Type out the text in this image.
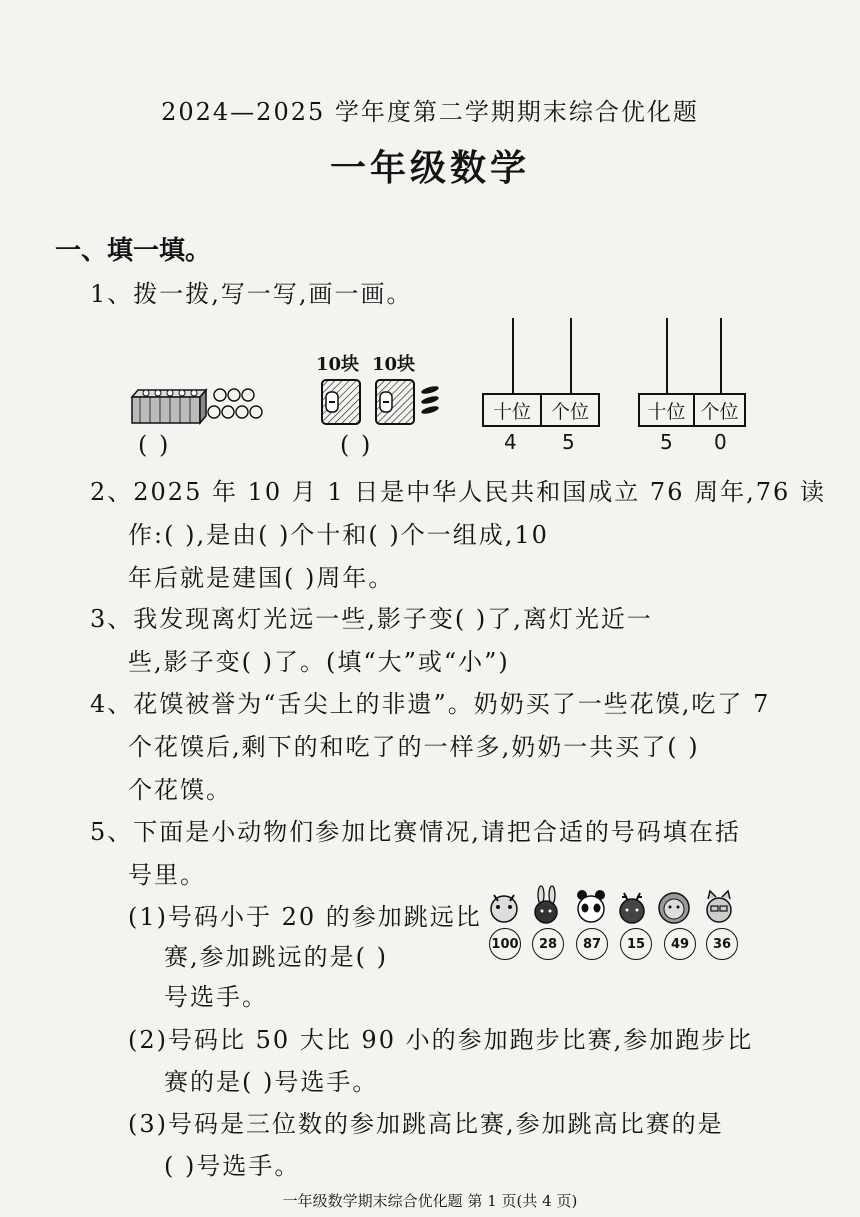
2024—2025 学年度第二学期期末综合优化题
一年级数学
一、填一填。
1、拨一拨,写一写,画一画。
( )
10块 10块
( )
十位	个位
4 5
十位 个位
5 0
2、2025 年 10 月 1 日是中华人民共和国成立 76 周年,76 读
作:( ),是由( )个十和( )个一组成,10
年后就是建国( )周年。
3、我发现离灯光远一些,影子变( )了,离灯光近一
些,影子变( )了。(填“大”或“小”)
4、花馍被誉为“舌尖上的非遗”。奶奶买了一些花馍,吃了 7
个花馍后,剩下的和吃了的一样多,奶奶一共买了( )
个花馍。
5、下面是小动物们参加比赛情况,请把合适的号码填在括
号里。
(1)号码小于 20 的参加跳远比
赛,参加跳远的是( )
号选手。
100	28	87	15	49	36
(2)号码比 50 大比 90 小的参加跑步比赛,参加跑步比
赛的是( )号选手。
(3)号码是三位数的参加跳高比赛,参加跳高比赛的是
( )号选手。
一年级数学期末综合优化题 第 1 页(共 4 页)
